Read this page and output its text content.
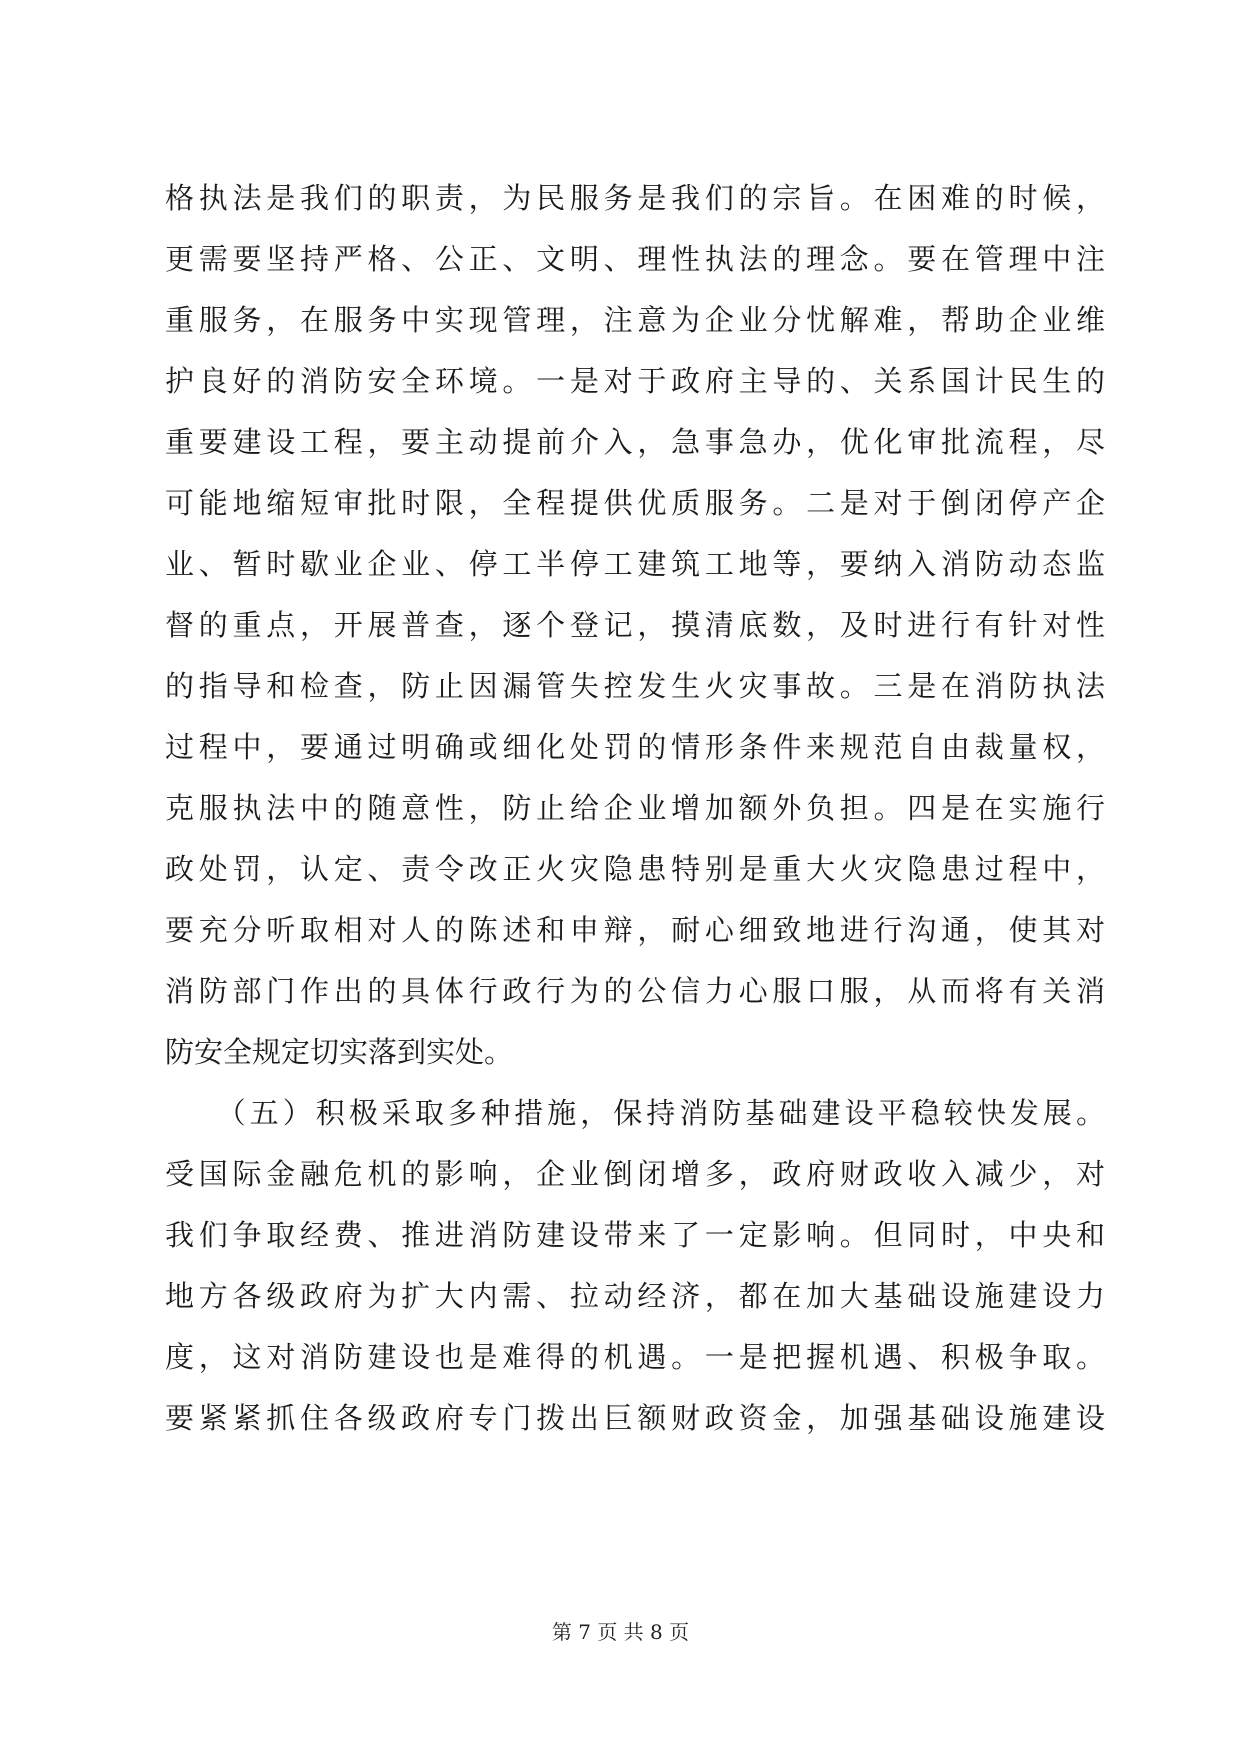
格执法是我们的职责，为民服务是我们的宗旨。在困难的时候，
更需要坚持严格、公正、文明、理性执法的理念。要在管理中注
重服务，在服务中实现管理，注意为企业分忧解难，帮助企业维
护良好的消防安全环境。一是对于政府主导的、关系国计民生的
重要建设工程，要主动提前介入，急事急办，优化审批流程，尽
可能地缩短审批时限，全程提供优质服务。二是对于倒闭停产企
业、暂时歇业企业、停工半停工建筑工地等，要纳入消防动态监
督的重点，开展普查，逐个登记，摸清底数，及时进行有针对性
的指导和检查，防止因漏管失控发生火灾事故。三是在消防执法
过程中，要通过明确或细化处罚的情形条件来规范自由裁量权，
克服执法中的随意性，防止给企业增加额外负担。四是在实施行
政处罚，认定、责令改正火灾隐患特别是重大火灾隐患过程中，
要充分听取相对人的陈述和申辩，耐心细致地进行沟通，使其对
消防部门作出的具体行政行为的公信力心服口服，从而将有关消
防安全规定切实落到实处。
　　（五）积极采取多种措施，保持消防基础建设平稳较快发展。
受国际金融危机的影响，企业倒闭增多，政府财政收入减少，对
我们争取经费、推进消防建设带来了一定影响。但同时，中央和
地方各级政府为扩大内需、拉动经济，都在加大基础设施建设力
度，这对消防建设也是难得的机遇。一是把握机遇、积极争取。
要紧紧抓住各级政府专门拨出巨额财政资金，加强基础设施建设
第 7 页 共 8 页
